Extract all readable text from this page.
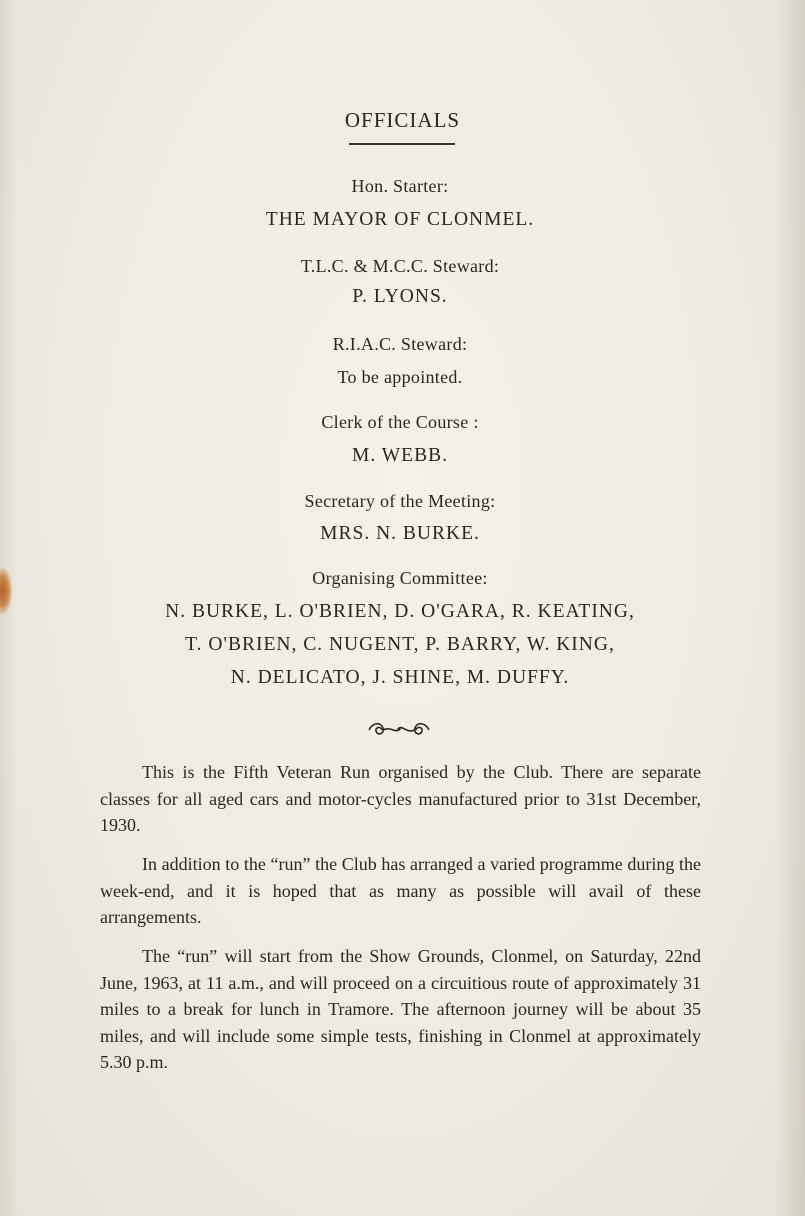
OFFICIALS
Hon. Starter:
THE MAYOR OF CLONMEL.
T.L.C. & M.C.C. Steward:
P. LYONS.
R.I.A.C. Steward:
To be appointed.
Clerk of the Course :
M. WEBB.
Secretary of the Meeting:
MRS. N. BURKE.
Organising Committee:
N. BURKE, L. O'BRIEN, D. O'GARA, R. KEATING,
T. O'BRIEN, C. NUGENT, P. BARRY, W. KING,
N. DELICATO, J. SHINE, M. DUFFY.

This is the Fifth Veteran Run organised by the Club. There are separate classes for all aged cars and motor-cycles manufactured prior to 31st December, 1930.

In addition to the “run” the Club has arranged a varied programme during the week-end, and it is hoped that as many as possible will avail of these arrangements.

The “run” will start from the Show Grounds, Clonmel, on Saturday, 22nd June, 1963, at 11 a.m., and will proceed on a circuitious route of approximately 31 miles to a break for lunch in Tramore. The afternoon journey will be about 35 miles, and will include some simple tests, finishing in Clonmel at approximately 5.30 p.m.
